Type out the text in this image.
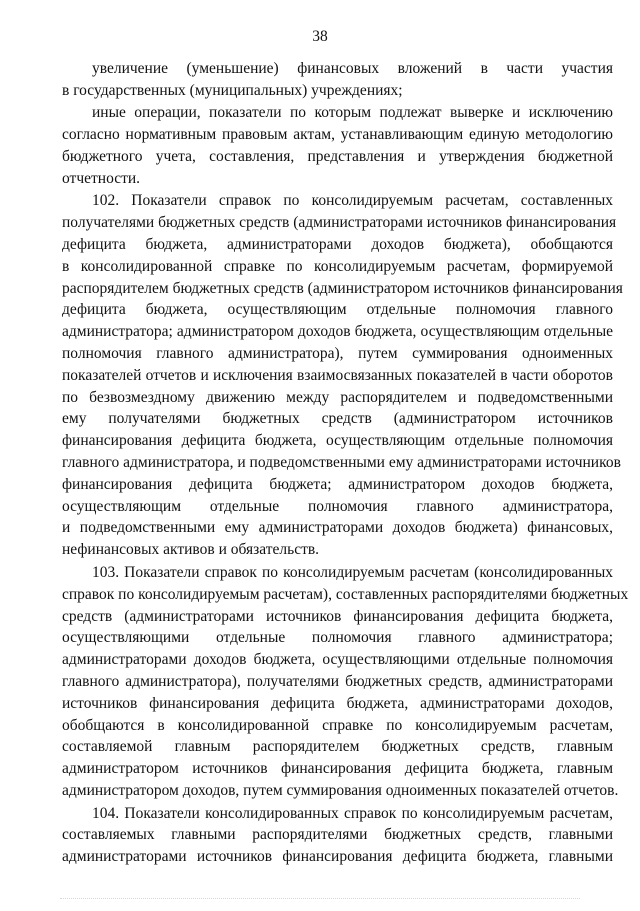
38
увеличение (уменьшение) финансовых вложений в части участия
в государственных (муниципальных) учреждениях;
иные операции, показатели по которым подлежат выверке и исключению
согласно нормативным правовым актам, устанавливающим единую методологию
бюджетного учета, составления, представления и утверждения бюджетной
отчетности.
102. Показатели справок по консолидируемым расчетам, составленных
получателями бюджетных средств (администраторами источников финансирования
дефицита бюджета, администраторами доходов бюджета), обобщаются
в консолидированной справке по консолидируемым расчетам, формируемой
распорядителем бюджетных средств (администратором источников финансирования
дефицита бюджета, осуществляющим отдельные полномочия главного
администратора; администратором доходов бюджета, осуществляющим отдельные
полномочия главного администратора), путем суммирования одноименных
показателей отчетов и исключения взаимосвязанных показателей в части оборотов
по безвозмездному движению между распорядителем и подведомственными
ему получателями бюджетных средств (администратором источников
финансирования дефицита бюджета, осуществляющим отдельные полномочия
главного администратора, и подведомственными ему администраторами источников
финансирования дефицита бюджета; администратором доходов бюджета,
осуществляющим отдельные полномочия главного администратора,
и подведомственными ему администраторами доходов бюджета) финансовых,
нефинансовых активов и обязательств.
103. Показатели справок по консолидируемым расчетам (консолидированных
справок по консолидируемым расчетам), составленных распорядителями бюджетных
средств (администраторами источников финансирования дефицита бюджета,
осуществляющими отдельные полномочия главного администратора;
администраторами доходов бюджета, осуществляющими отдельные полномочия
главного администратора), получателями бюджетных средств, администраторами
источников финансирования дефицита бюджета, администраторами доходов,
обобщаются в консолидированной справке по консолидируемым расчетам,
составляемой главным распорядителем бюджетных средств, главным
администратором источников финансирования дефицита бюджета, главным
администратором доходов, путем суммирования одноименных показателей отчетов.
104. Показатели консолидированных справок по консолидируемым расчетам,
составляемых главными распорядителями бюджетных средств, главными
администраторами источников финансирования дефицита бюджета, главными
